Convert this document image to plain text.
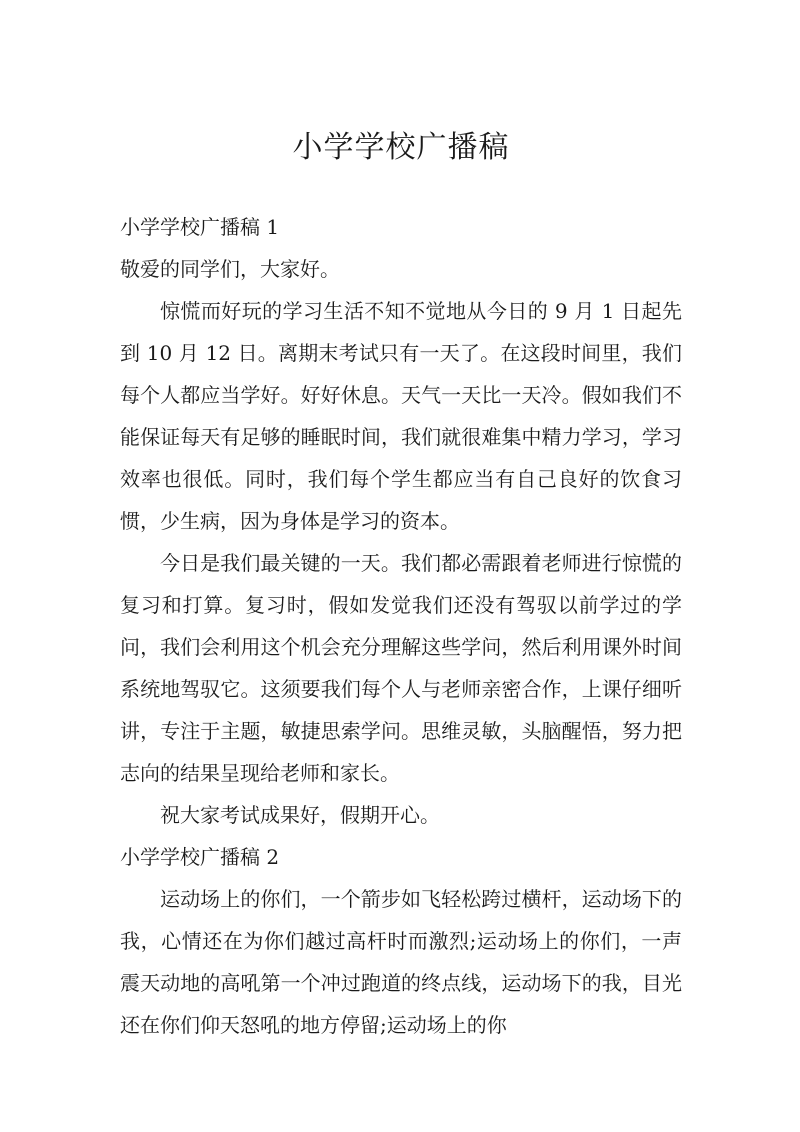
小学学校广播稿

小学学校广播稿 1

敬爱的同学们，大家好。

惊慌而好玩的学习生活不知不觉地从今日的 9 月 1 日起先到 10 月 12 日。离期末考试只有一天了。在这段时间里，我们每个人都应当学好。好好休息。天气一天比一天冷。假如我们不能保证每天有足够的睡眠时间，我们就很难集中精力学习，学习效率也很低。同时，我们每个学生都应当有自己良好的饮食习惯，少生病，因为身体是学习的资本。

今日是我们最关键的一天。我们都必需跟着老师进行惊慌的复习和打算。复习时，假如发觉我们还没有驾驭以前学过的学问，我们会利用这个机会充分理解这些学问，然后利用课外时间系统地驾驭它。这须要我们每个人与老师亲密合作，上课仔细听讲，专注于主题，敏捷思索学问。思维灵敏，头脑醒悟，努力把志向的结果呈现给老师和家长。

祝大家考试成果好，假期开心。

小学学校广播稿 2

运动场上的你们，一个箭步如飞轻松跨过横杆，运动场下的我，心情还在为你们越过高杆时而激烈;运动场上的你们，一声震天动地的高吼第一个冲过跑道的终点线，运动场下的我，目光还在你们仰天怒吼的地方停留;运动场上的你
